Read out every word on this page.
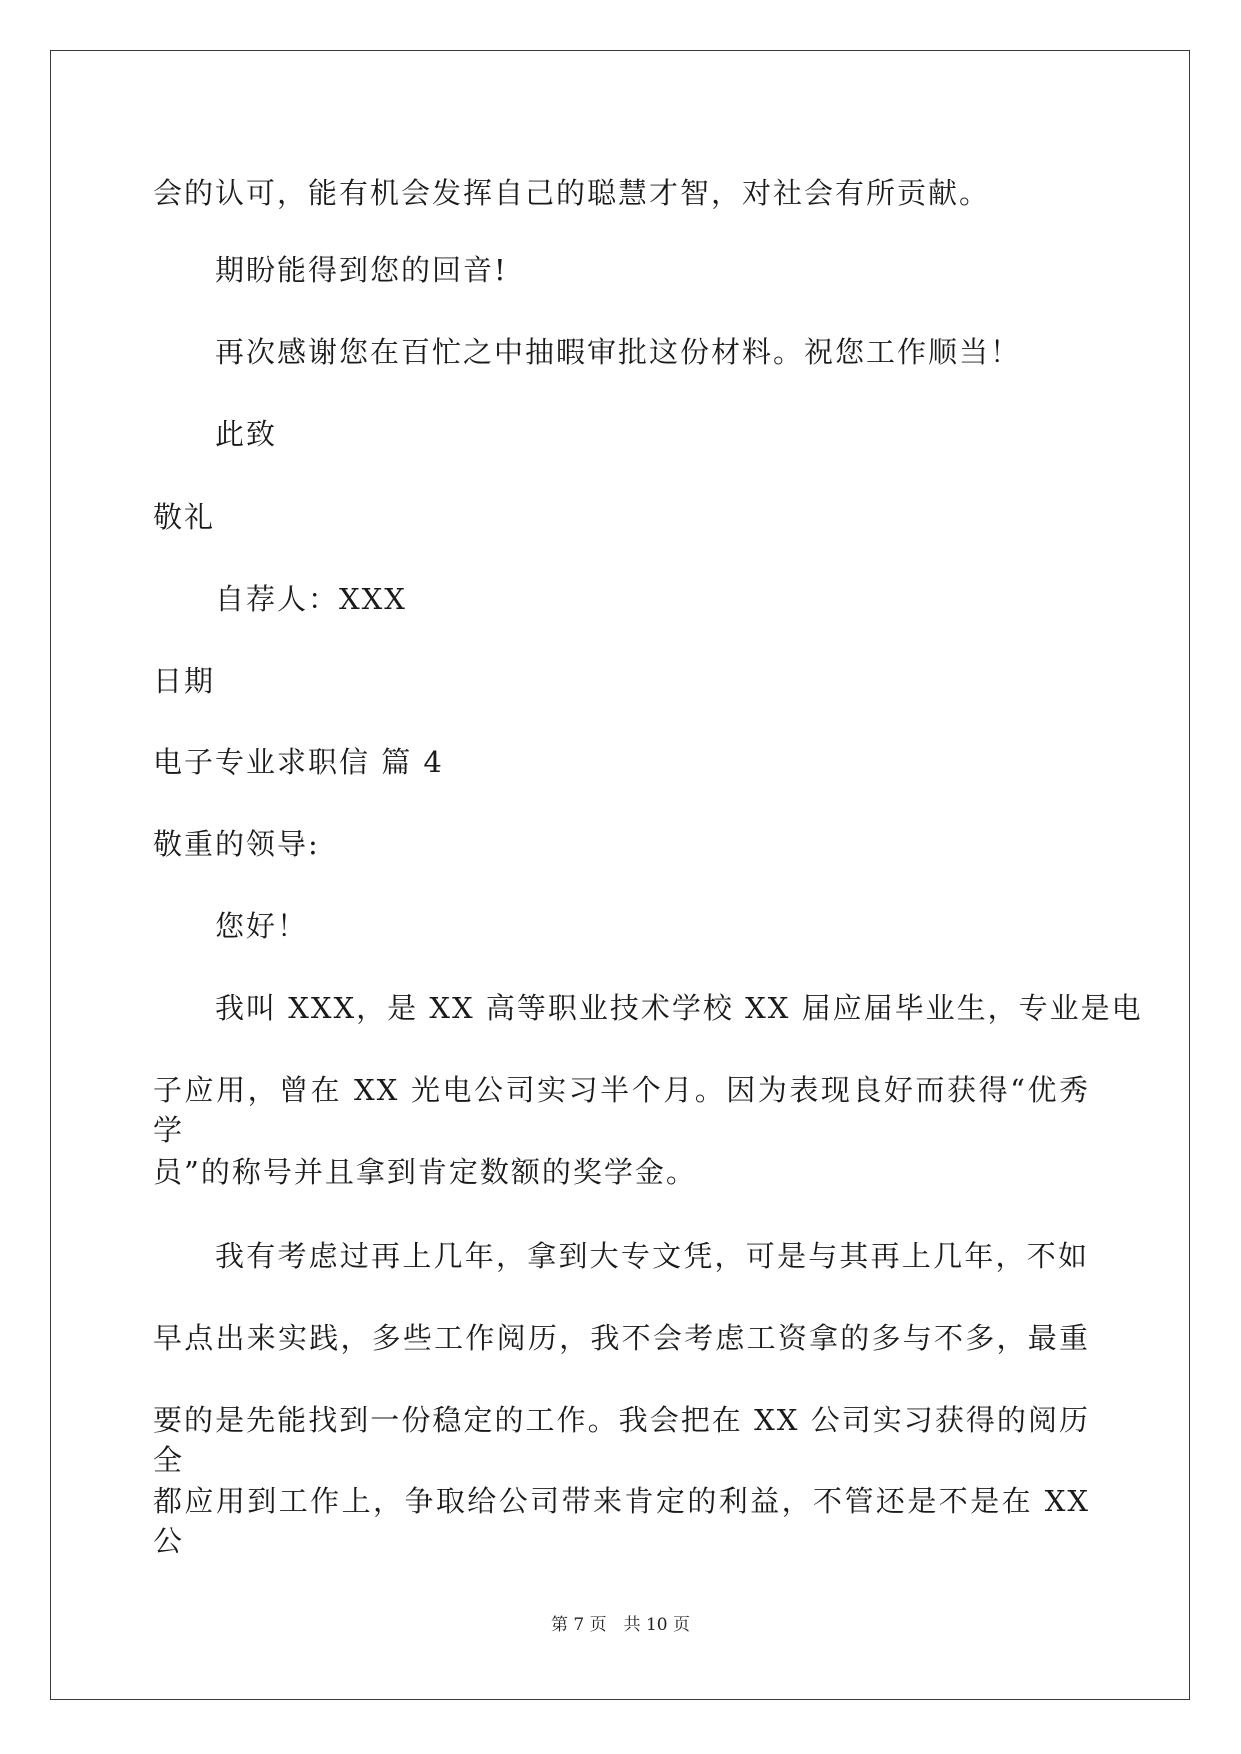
会的认可，能有机会发挥自己的聪慧才智，对社会有所贡献。
期盼能得到您的回音!
再次感谢您在百忙之中抽暇审批这份材料。祝您工作顺当！
此致
敬礼
自荐人：XXX
日期
电子专业求职信 篇 4
敬重的领导:
您好！
我叫 XXX，是 XX 高等职业技术学校 XX 届应届毕业生，专业是电
子应用，曾在 XX 光电公司实习半个月。因为表现良好而获得“优秀学
员”的称号并且拿到肯定数额的奖学金。
我有考虑过再上几年，拿到大专文凭，可是与其再上几年，不如
早点出来实践，多些工作阅历，我不会考虑工资拿的多与不多，最重
要的是先能找到一份稳定的工作。我会把在 XX 公司实习获得的阅历全
都应用到工作上，争取给公司带来肯定的利益，不管还是不是在 XX 公
第 7 页　共 10 页
